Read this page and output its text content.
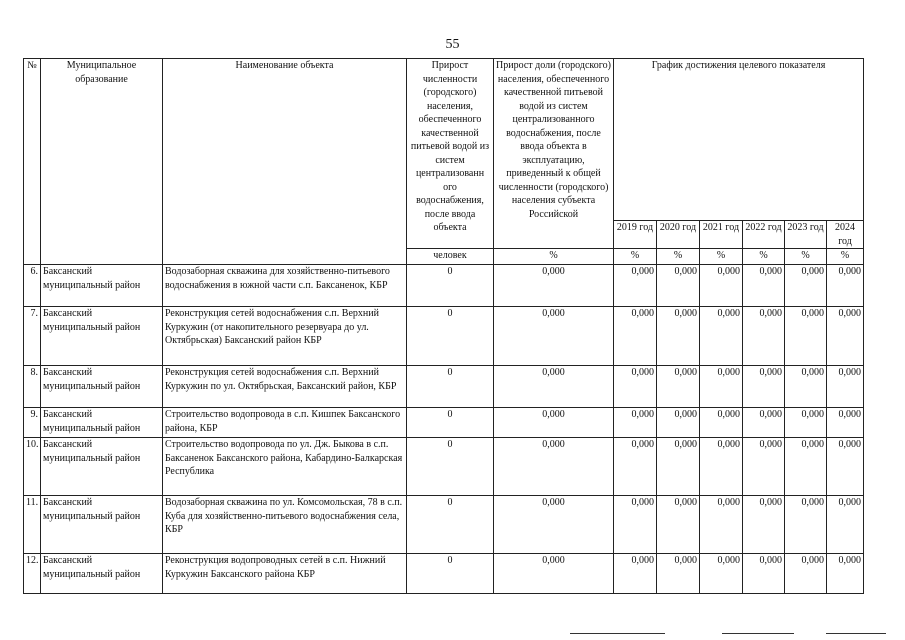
55
№	Муниципальное образование	Наименование объекта	Прирост численности (городского) населения, обеспеченного качественной питьевой водой из систем централизованн ого водоснабжения, после ввода объекта	Прирост доли (городского) населения, обеспеченного качественной питьевой водой из систем централизованного водоснабжения, после ввода объекта в эксплуатацию, приведенный к общей численности (городского) населения субъекта Российской	График достижения целевого показателя					
					2019 год	2020 год	2021 год	2022 год	2023 год	2024 год
			человек	%	%	%	%	%	%	%
6.	Баксанский муниципальный район	Водозаборная скважина для хозяйственно-питьевого водоснабжения в южной части с.п. Баксаненок, КБР	0	0,000	0,000	0,000	0,000	0,000	0,000	0,000
7.	Баксанский муниципальный район	Реконструкция сетей водоснабжения с.п. Верхний Куркужин (от накопительного резервуара до ул. Октябрьская) Баксанский район КБР	0	0,000	0,000	0,000	0,000	0,000	0,000	0,000
8.	Баксанский муниципальный район	Реконструкция сетей водоснабжения с.п. Верхний Куркужин по ул. Октябрьская, Баксанский район, КБР	0	0,000	0,000	0,000	0,000	0,000	0,000	0,000
9.	Баксанский муниципальный район	Строительство водопровода в с.п. Кишпек Баксанского района, КБР	0	0,000	0,000	0,000	0,000	0,000	0,000	0,000
10.	Баксанский муниципальный район	Строительство водопровода по ул. Дж. Быкова в с.п. Баксаненок Баксанского района, Кабардино-Балкарская Республика	0	0,000	0,000	0,000	0,000	0,000	0,000	0,000
11.	Баксанский муниципальный район	Водозаборная скважина по ул. Комсомольская, 78 в с.п. Куба для хозяйственно-питьевого водоснабжения села, КБР	0	0,000	0,000	0,000	0,000	0,000	0,000	0,000
12.	Баксанский муниципальный район	Реконструкция водопроводных сетей в с.п. Нижний Куркужин Баксанского района КБР	0	0,000	0,000	0,000	0,000	0,000	0,000	0,000
